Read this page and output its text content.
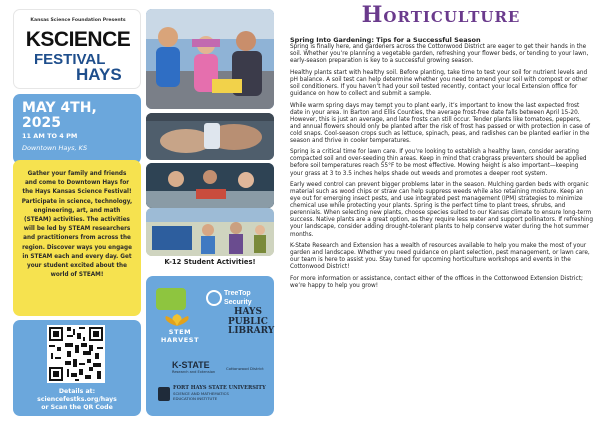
Kansas Science Foundation Presents
KSCIENCE
FESTIVAL
HAYS
MAY 4TH, 2025
11 AM TO 4 PM
Downtown Hays, KS
Gather your family and friends and come to Downtown Hays for the Hays Kansas Science Festival! Participate in science, technology, engineering, art, and math (STEAM) activities. The activities will be led by STEAM researchers and practitioners from across the region. Discover ways you engage in STEAM each and every day. Get your student excited about the world of STEAM!
Details at:
sciencefestks.org/hays
or Scan the QR Code
K-12 Student Activities!
TreeTop Security
STEM HARVEST
HAYS
PUBLIC
LIBRARY
K-STATE
Research and Extension
Cottonwood District
FORT HAYS STATE UNIVERSITY
SCIENCE AND MATHEMATICS
EDUCATION INSTITUTE
Horticulture

Spring Into Gardening: Tips for a Successful Season

Spring is finally here, and gardeners across the Cottonwood District are eager to get their hands in the soil. Whether you’re planning a vegetable garden, refreshing your flower beds, or tending to your lawn, early-season preparation is key to a successful growing season.

Healthy plants start with healthy soil. Before planting, take time to test your soil for nutrient levels and pH balance. A soil test can help determine whether you need to amend your soil with compost or other soil conditioners. If you haven’t had your soil tested recently, contact your local Extension office for guidance on how to collect and submit a sample.

While warm spring days may tempt you to plant early, it’s important to know the last expected frost date in your area. In Barton and Ellis Counties, the average frost-free date falls between April 15-20. However, this is just an average, and late frosts can still occur. Tender plants like tomatoes, peppers, and annual flowers should only be planted after the risk of frost has passed or with protection in case of cold snaps. Cool-season crops such as lettuce, spinach, peas, and radishes can be planted earlier in the season and thrive in cooler temperatures.

Spring is a critical time for lawn care. If you’re looking to establish a healthy lawn, consider aerating compacted soil and over-seeding thin areas. Keep in mind that crabgrass preventers should be applied before soil temperatures reach 55°F to be most effective. Mowing height is also important—keeping your grass at 3 to 3.5 inches helps shade out weeds and promotes a deeper root system.

Early weed control can prevent bigger problems later in the season. Mulching garden beds with organic material such as wood chips or straw can help suppress weeds while also retaining moisture. Keep an eye out for emerging insect pests, and use integrated pest management (IPM) strategies to minimize chemical use while protecting your plants. Spring is the perfect time to plant trees, shrubs, and perennials. When selecting new plants, choose species suited to our Kansas climate to ensure long-term success. Native plants are a great option, as they require less water and support pollinators. If refreshing your landscape, consider adding drought-tolerant plants to help conserve water during the hot summer months.

K-State Research and Extension has a wealth of resources available to help you make the most of your garden and landscape. Whether you need guidance on plant selection, pest management, or lawn care, our team is here to assist you. Stay tuned for upcoming horticulture workshops and events in the Cottonwood District!

For more information or assistance, contact either of the offices in the Cottonwood Extension District; we’re happy to help you grow!
